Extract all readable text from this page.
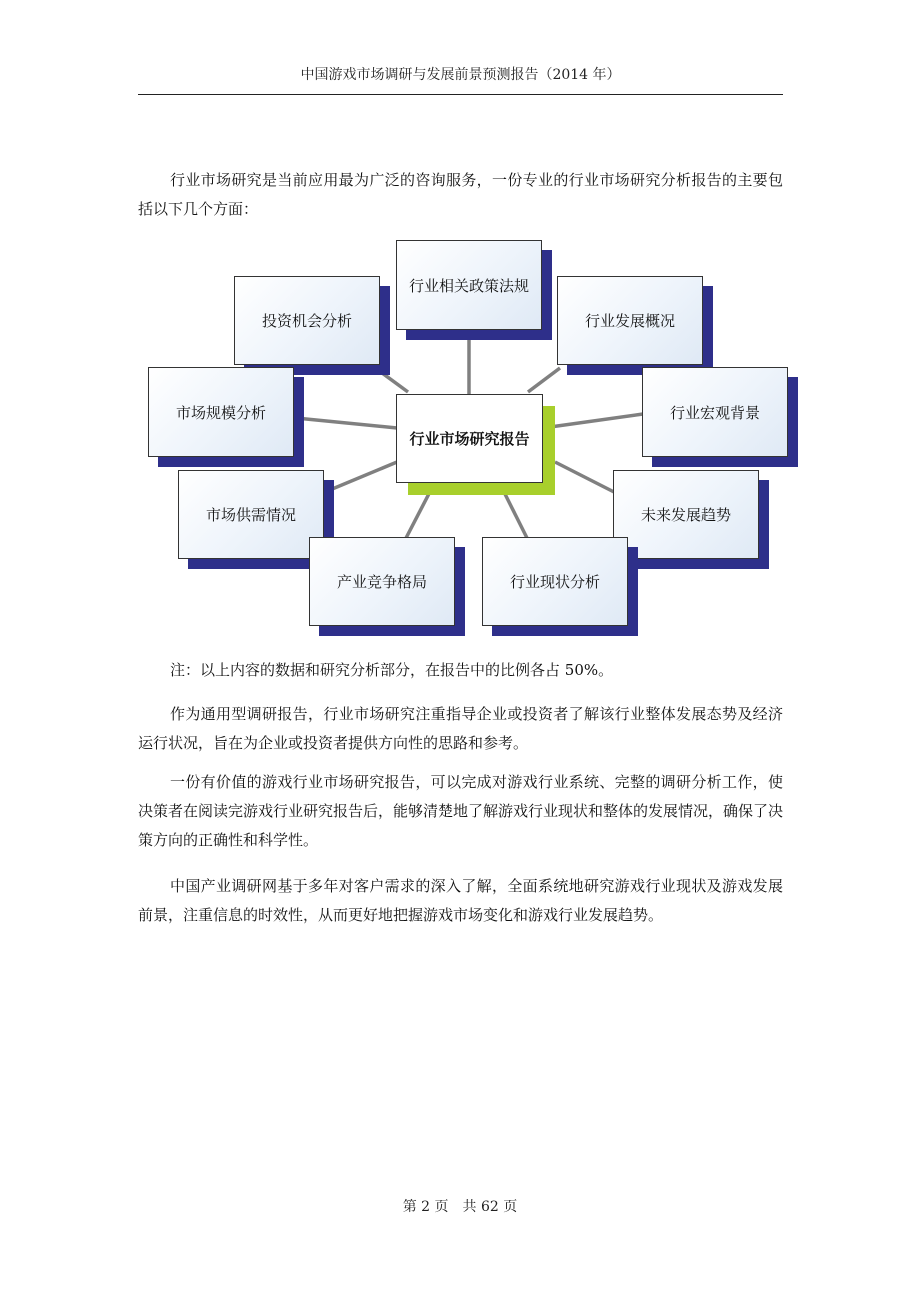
中国游戏市场调研与发展前景预测报告（2014 年）

行业市场研究是当前应用最为广泛的咨询服务，一份专业的行业市场研究分析报告的主要包括以下几个方面：

行业相关政策法规
投资机会分析	行业发展概况
市场规模分析	行业宏观背景
市场供需情况	未来发展趋势
产业竞争格局	行业现状分析
行业市场研究报告

注：以上内容的数据和研究分析部分，在报告中的比例各占 50%。

作为通用型调研报告，行业市场研究注重指导企业或投资者了解该行业整体发展态势及经济运行状况，旨在为企业或投资者提供方向性的思路和参考。

一份有价值的游戏行业市场研究报告，可以完成对游戏行业系统、完整的调研分析工作，使决策者在阅读完游戏行业研究报告后，能够清楚地了解游戏行业现状和整体的发展情况，确保了决策方向的正确性和科学性。

中国产业调研网基于多年对客户需求的深入了解，全面系统地研究游戏行业现状及游戏发展前景，注重信息的时效性，从而更好地把握游戏市场变化和游戏行业发展趋势。

第 2 页　共 62 页
